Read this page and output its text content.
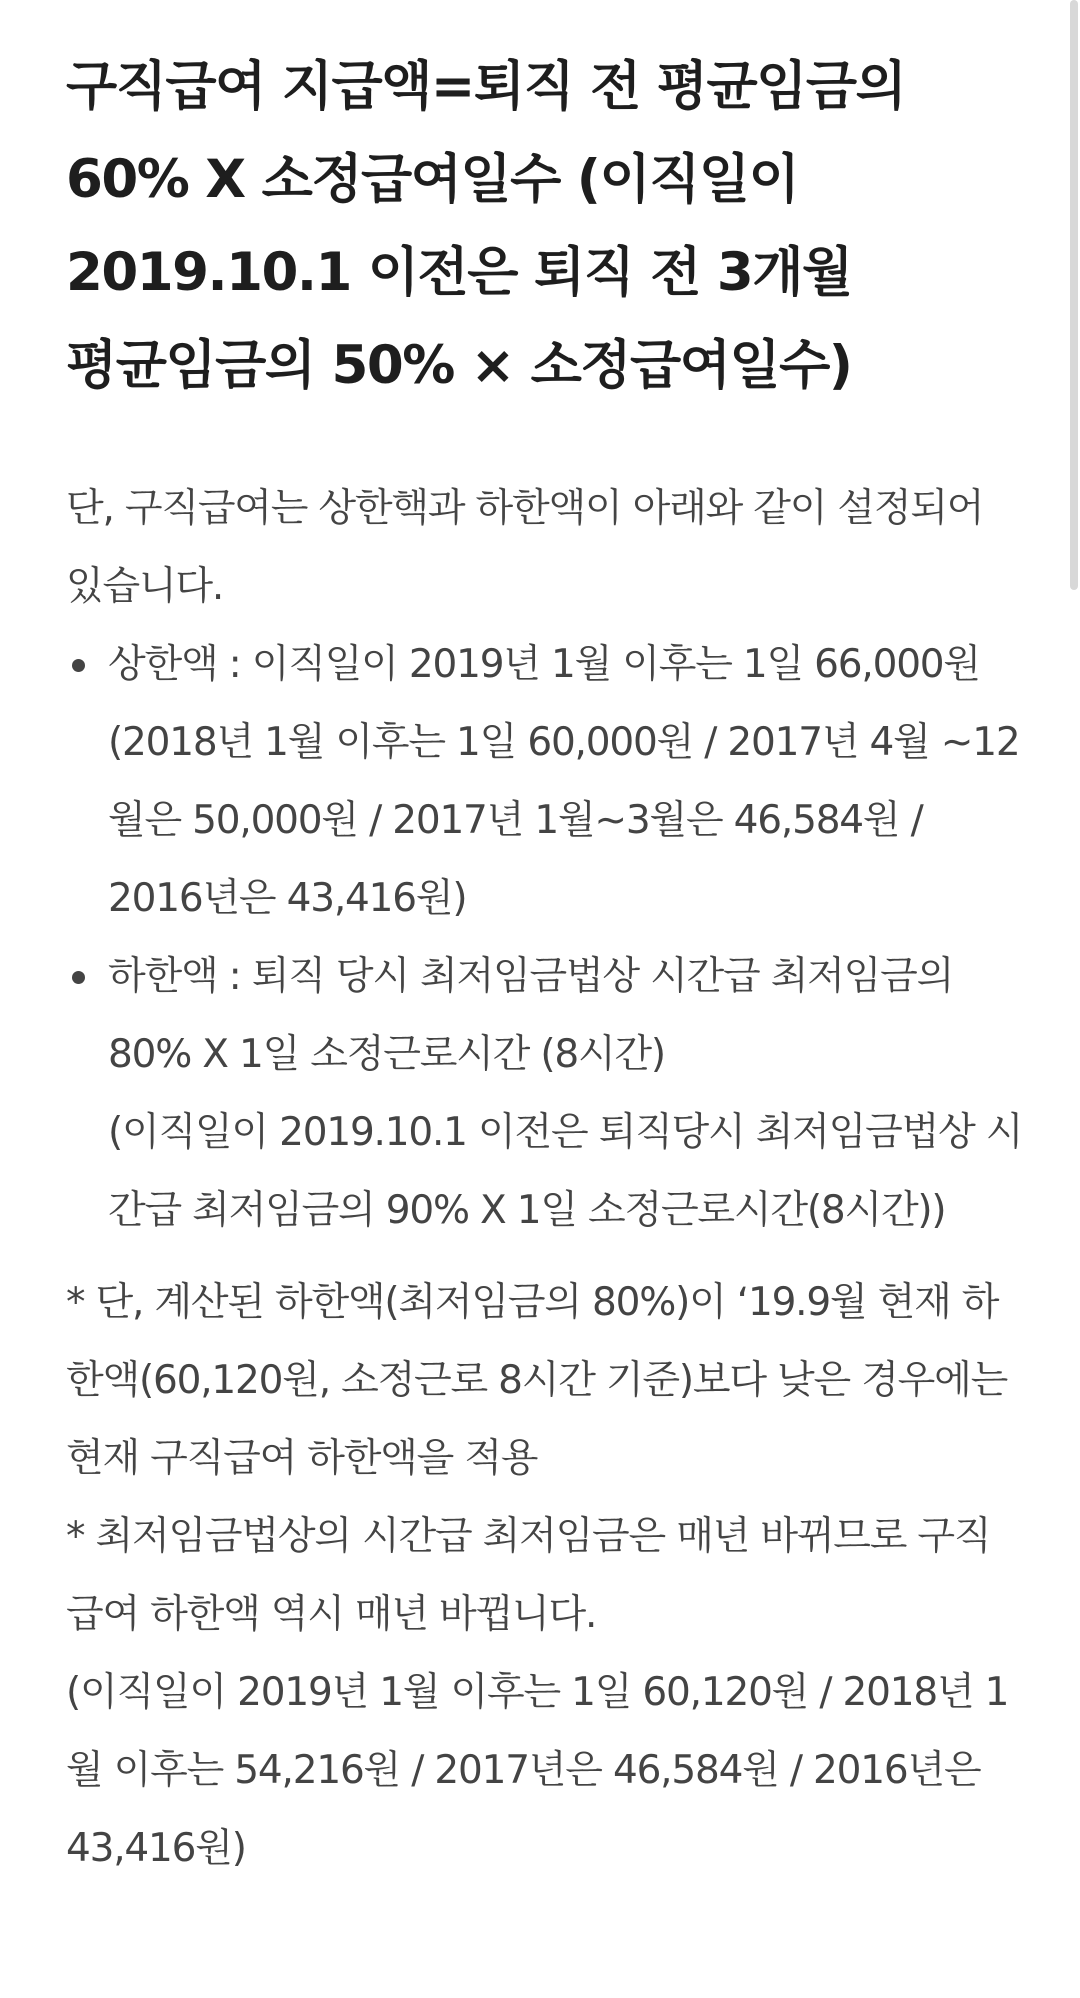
구직급여 지급액=퇴직 전 평균임금의 60% X 소정급여일수 (이직일이 2019.10.1 이전은 퇴직 전 3개월 평균임금의 50% × 소정급여일수)

단, 구직급여는 상한핵과 하한액이 아래와 같이 설정되어 있습니다.

상한액 : 이직일이 2019년 1월 이후는 1일 66,000원 (2018년 1월 이후는 1일 60,000원 / 2017년 4월 ~12월은 50,000원 / 2017년 1월~3월은 46,584원 / 2016년은 43,416원)

하한액 : 퇴직 당시 최저임금법상 시간급 최저임금의 80% X 1일 소정근로시간 (8시간)

(이직일이 2019.10.1 이전은 퇴직당시 최저임금법상 시간급 최저임금의 90% X 1일 소정근로시간(8시간))

* 단, 계산된 하한액(최저임금의 80%)이 ‘19.9월 현재 하한액(60,120원, 소정근로 8시간 기준)보다 낮은 경우에는 현재 구직급여 하한액을 적용

* 최저임금법상의 시간급 최저임금은 매년 바뀌므로 구직급여 하한액 역시 매년 바뀝니다.

(이직일이 2019년 1월 이후는 1일 60,120원 / 2018년 1월 이후는 54,216원 / 2017년은 46,584원 / 2016년은 43,416원)
